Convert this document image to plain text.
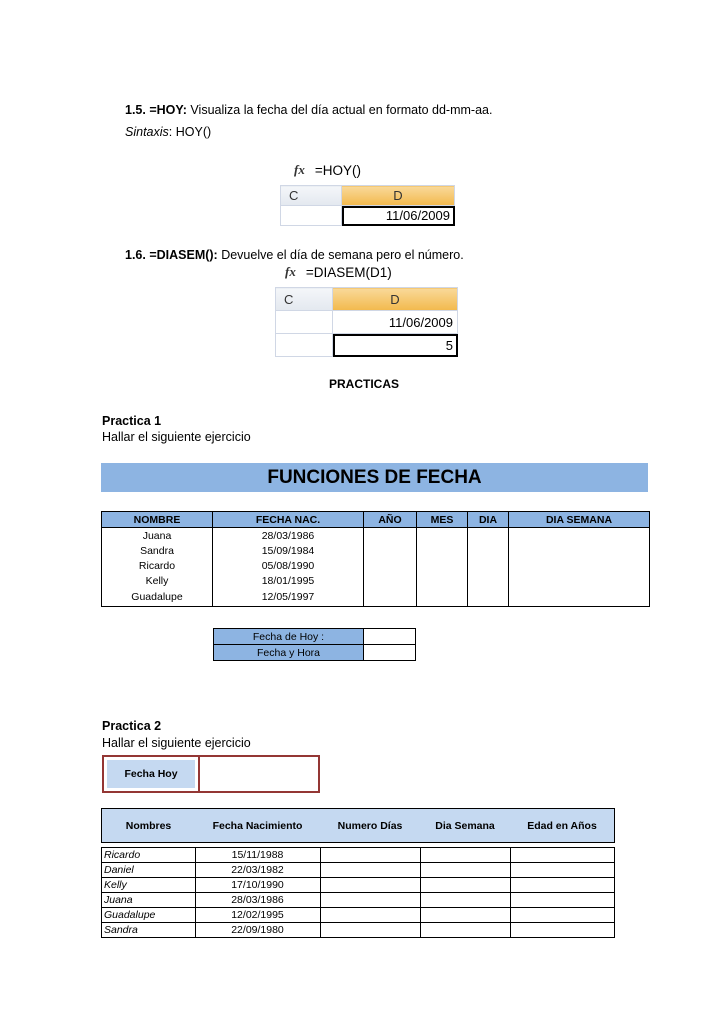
1.5. =HOY: Visualiza la fecha del día actual en formato dd-mm-aa.
Sintaxis: HOY()
fx =HOY()
C	D
	11/06/2009
1.6. =DIASEM(): Devuelve el día de semana pero el número.
fx =DIASEM(D1)
C	D
	11/06/2009
	5
PRACTICAS
Practica 1
Hallar el siguiente ejercicio
FUNCIONES DE FECHA
NOMBRE	FECHA NAC.	AÑO	MES	DIA	DIA SEMANA
Juana	28/03/1986				
Sandra	15/09/1984				
Ricardo	05/08/1990				
Kelly	18/01/1995				
Guadalupe	12/05/1997				
Fecha de Hoy :	
Fecha y Hora	
Practica 2
Hallar el siguiente ejercicio
Fecha Hoy
Nombres	Fecha Nacimiento	Numero Días	Dia Semana	Edad en Años

Ricardo	15/11/1988			
Daniel	22/03/1982			
Kelly	17/10/1990			
Juana	28/03/1986			
Guadalupe	12/02/1995			
Sandra	22/09/1980			
